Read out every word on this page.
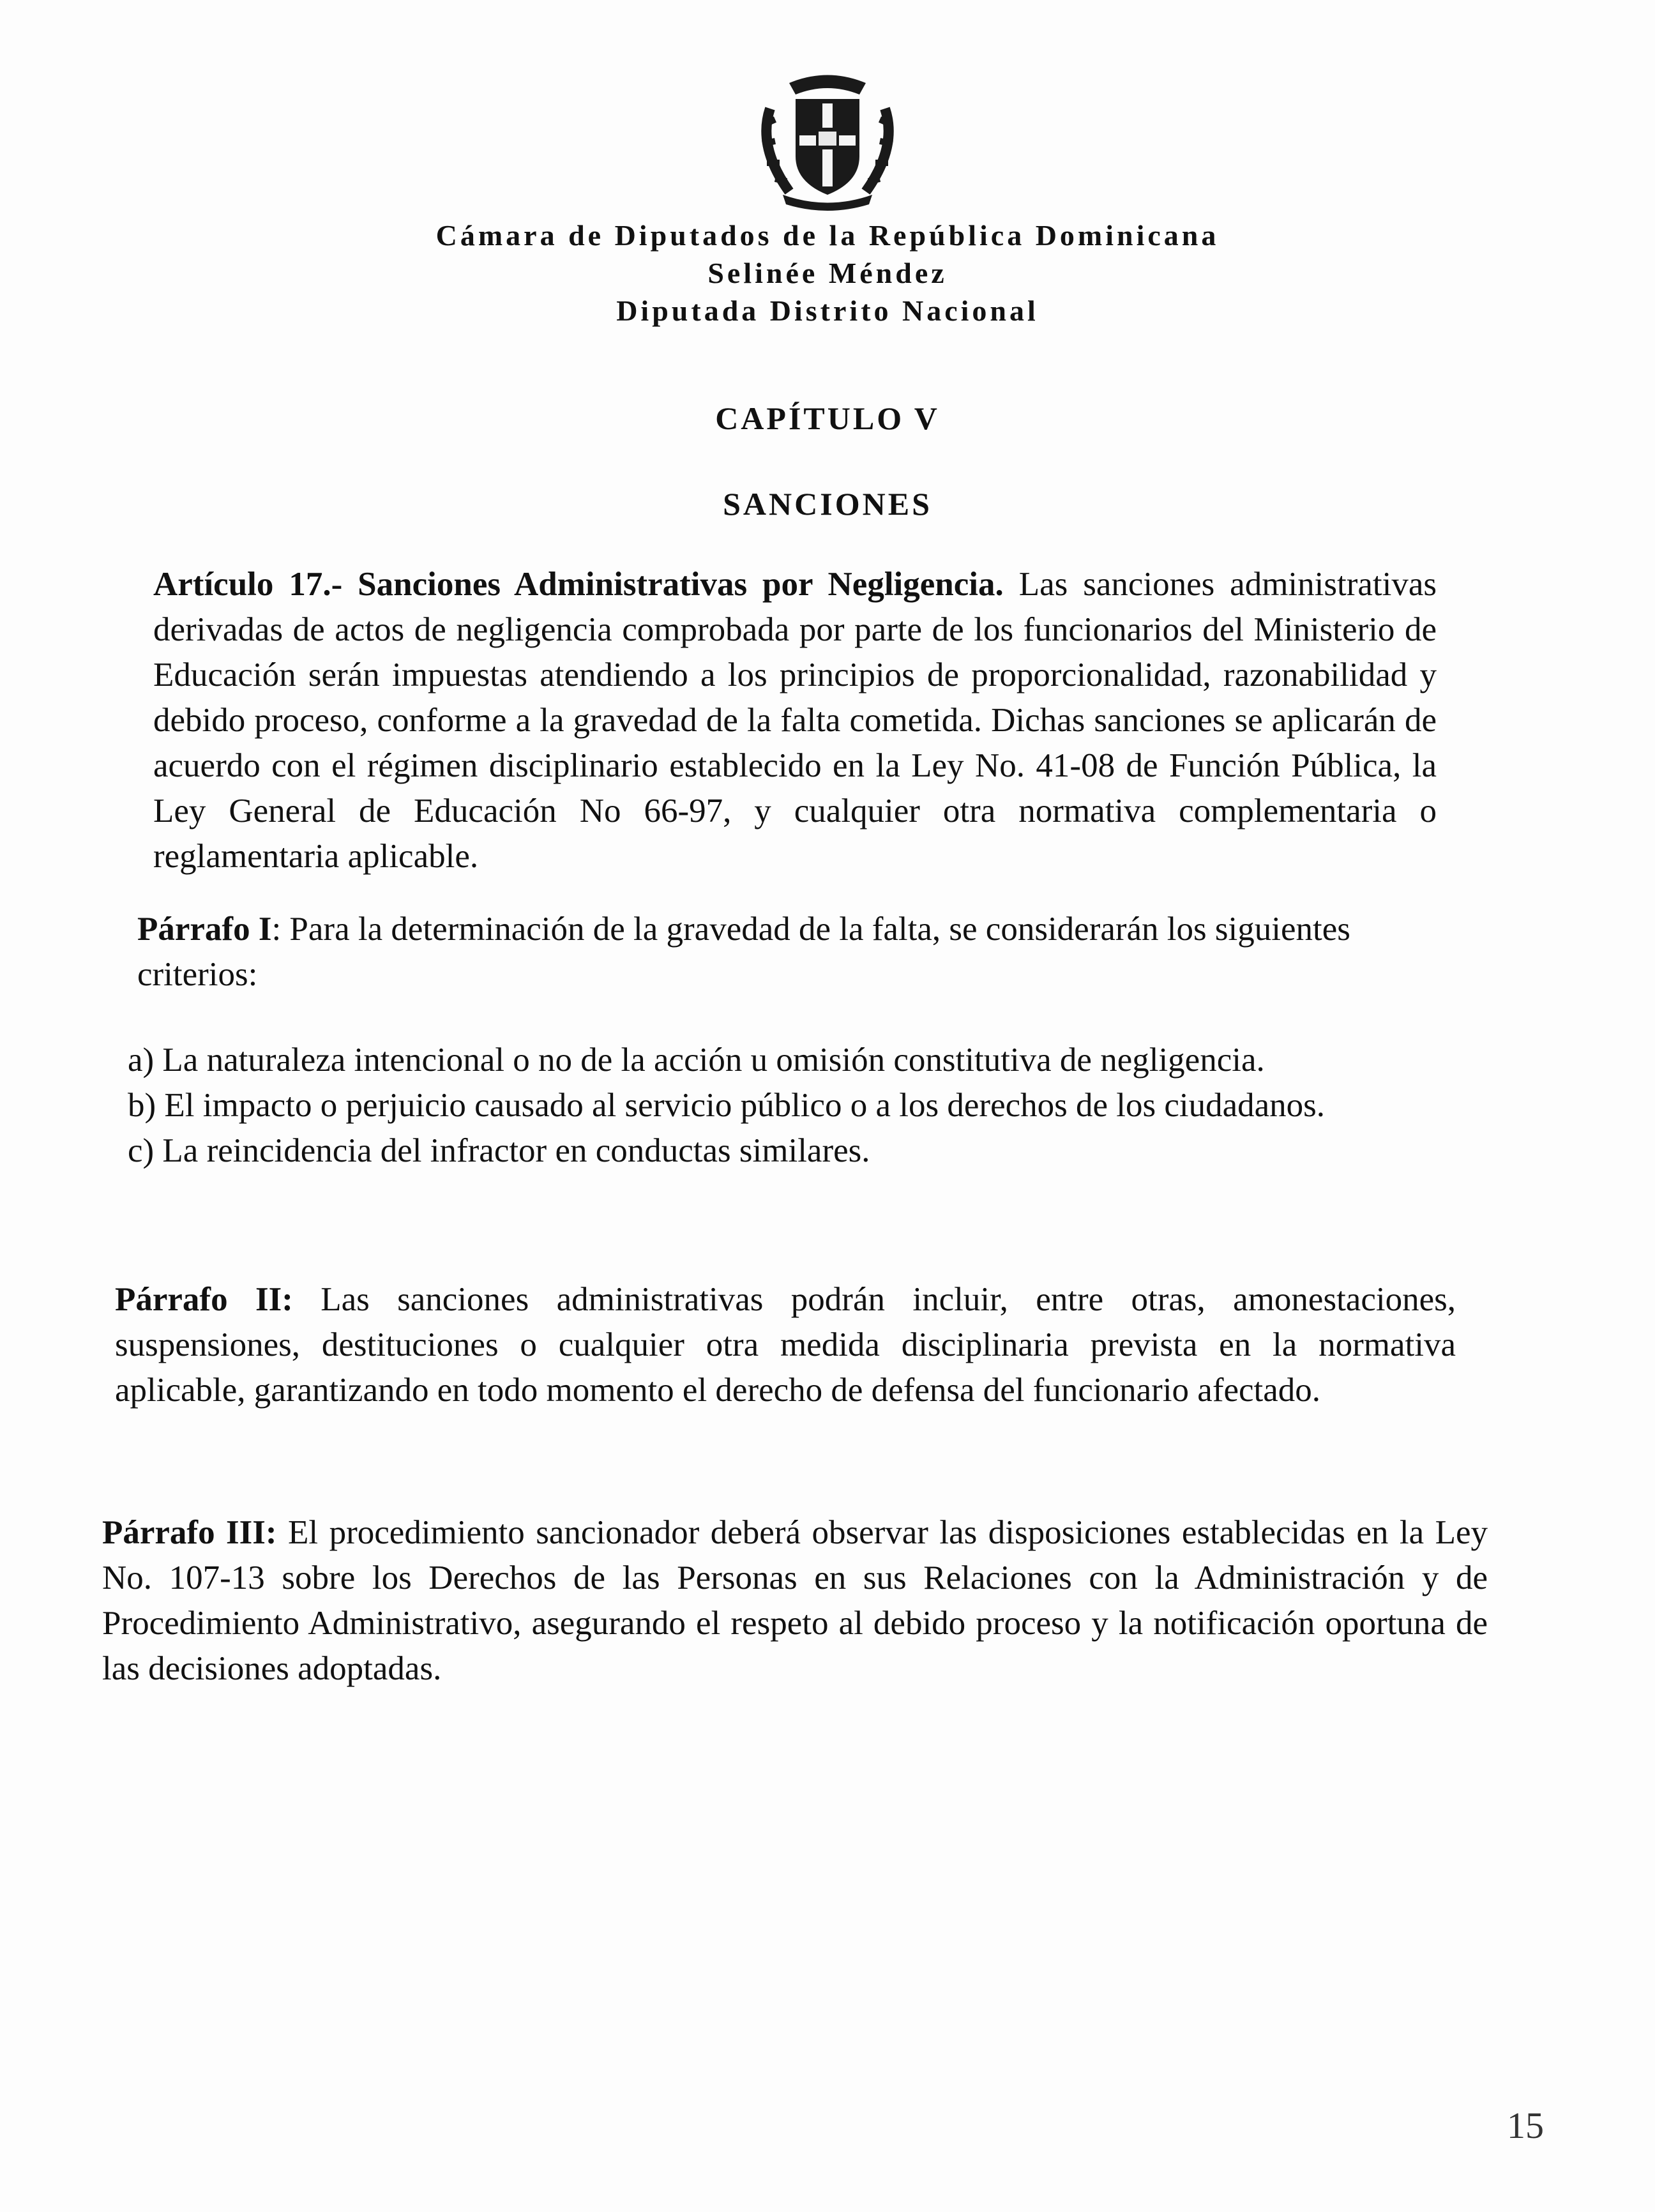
Cámara de Diputados de la República Dominicana

Selinée Méndez

Diputada Distrito Nacional

CAPÍTULO V

SANCIONES

Artículo 17.- Sanciones Administrativas por Negligencia. Las sanciones administrativas derivadas de actos de negligencia comprobada por parte de los funcionarios del Ministerio de Educación serán impuestas atendiendo a los principios de proporcionalidad, razonabilidad y debido proceso, conforme a la gravedad de la falta cometida. Dichas sanciones se aplicarán de acuerdo con el régimen disciplinario establecido en la Ley No. 41-08 de Función Pública, la Ley General de Educación No 66-97, y cualquier otra normativa complementaria o reglamentaria aplicable.

Párrafo I: Para la determinación de la gravedad de la falta, se considerarán los siguientes criterios:

a) La naturaleza intencional o no de la acción u omisión constitutiva de negligencia.
b) El impacto o perjuicio causado al servicio público o a los derechos de los ciudadanos.
c) La reincidencia del infractor en conductas similares.

Párrafo II: Las sanciones administrativas podrán incluir, entre otras, amonestaciones, suspensiones, destituciones o cualquier otra medida disciplinaria prevista en la normativa aplicable, garantizando en todo momento el derecho de defensa del funcionario afectado.

Párrafo III: El procedimiento sancionador deberá observar las disposiciones establecidas en la Ley No. 107-13 sobre los Derechos de las Personas en sus Relaciones con la Administración y de Procedimiento Administrativo, asegurando el respeto al debido proceso y la notificación oportuna de las decisiones adoptadas.

15
